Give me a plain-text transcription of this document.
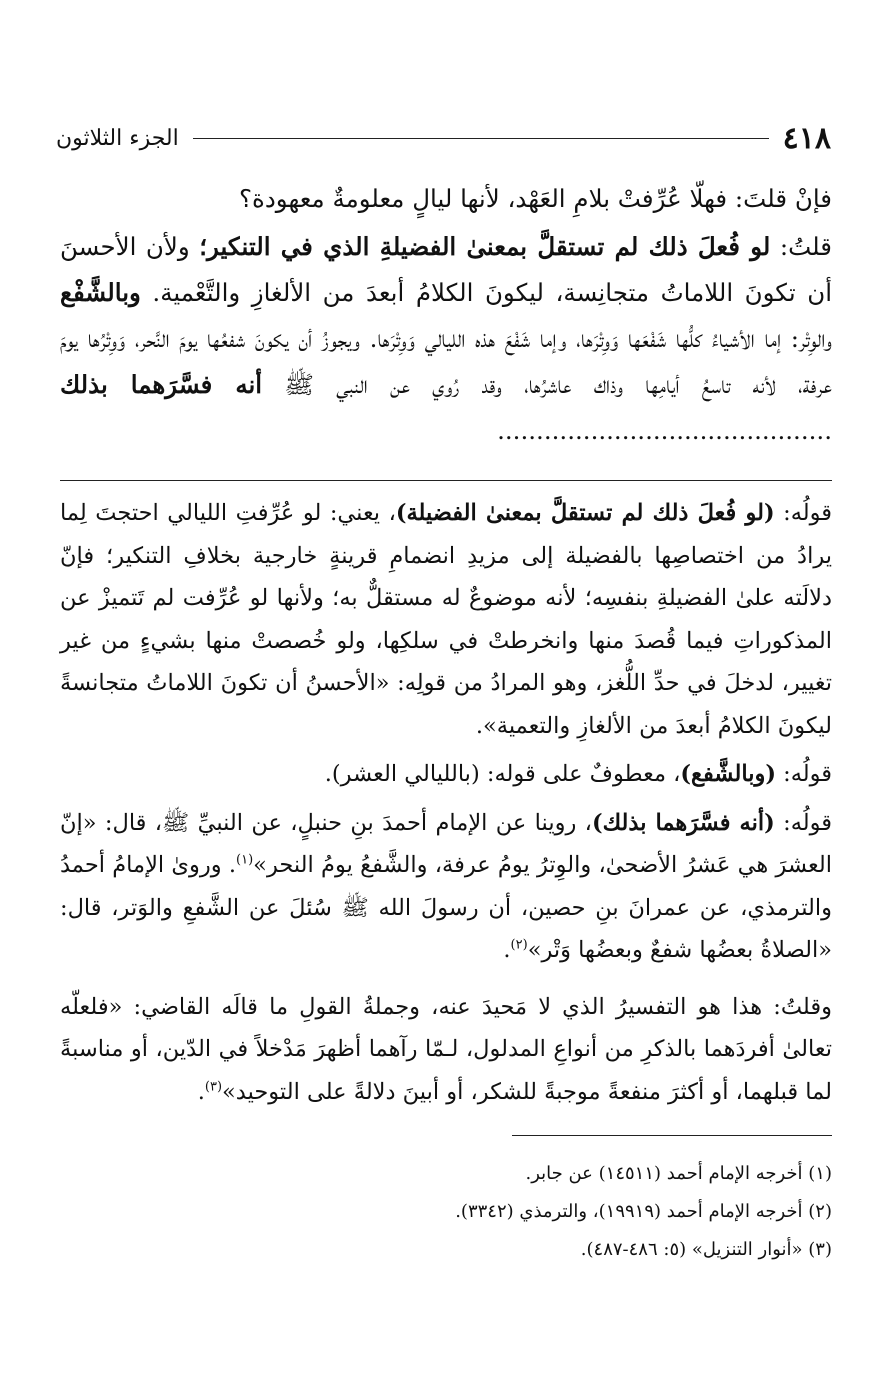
الجزء الثلاثون	٤١٨

فإنْ قلتَ: فهلّا عُرِّفتْ بلامِ العَهْد، لأنها ليالٍ معلومةٌ معهودة؟

قلتُ: لو فُعلَ ذلك لم تستقلَّ بمعنىٰ الفضيلةِ الذي في التنكير؛ ولأن الأحسنَ أن تكونَ اللاماتُ متجانِسة، ليكونَ الكلامُ أبعدَ من الألغازِ والتَّعْمية. وبالشَّفْع والوِتْر: إما الأشياءُ كلُّها شَفْعَها وَوِتْرَها، وإما شَفْعَ هذه الليالي وَوِتْرَها. ويجوزُ أن يكونَ شفعُها يومَ النَّحر، وَوِتْرُها يومَ عرفة، لأنه تاسعُ أيامِها وذاك عاشرُها، وقد رُوي عن النبي ﷺ أنه فسَّرَهما بذلك ...........................................

قولُه: (لو فُعلَ ذلك لم تستقلَّ بمعنىٰ الفضيلة)، يعني: لو عُرِّفتِ الليالي احتجتَ لِما يرادُ من اختصاصِها بالفضيلة إلى مزيدِ انضمامِ قرينةٍ خارجية بخلافِ التنكير؛ فإنّ دلالَته علىٰ الفضيلةِ بنفسِه؛ لأنه موضوعٌ له مستقلٌّ به؛ ولأنها لو عُرِّفت لم تَتميزْ عن المذكوراتِ فيما قُصدَ منها وانخرطتْ في سلكِها، ولو خُصصتْ منها بشيءٍ من غير تغيير، لدخلَ في حدِّ اللُّغز، وهو المرادُ من قولِه: «الأحسنُ أن تكونَ اللاماتُ متجانسةً ليكونَ الكلامُ أبعدَ من الألغازِ والتعمية».

قولُه: (وبالشَّفع)، معطوفٌ على قوله: (بالليالي العشر).

قولُه: (أنه فسَّرَهما بذلك)، روينا عن الإمام أحمدَ بنِ حنبلٍ، عن النبيِّ ﷺ، قال: «إنّ العشرَ هي عَشرُ الأضحىٰ، والوِترُ يومُ عرفة، والشَّفعُ يومُ النحر»$^{(١)}$. وروىٰ الإمامُ أحمدُ والترمذي، عن عمرانَ بنِ حصين، أن رسولَ الله ﷺ سُئلَ عن الشَّفعِ والوَتر، قال: «الصلاةُ بعضُها شفعٌ وبعضُها وَتْر»$^{(٢)}$.

وقلتُ: هذا هو التفسيرُ الذي لا مَحيدَ عنه، وجملةُ القولِ ما قالَه القاضي: «فلعلّه تعالىٰ أفردَهما بالذكرِ من أنواعِ المدلول، لـمّا رآهما أظهرَ مَدْخلاً في الدّين، أو مناسبةً لما قبلهما، أو أكثرَ منفعةً موجبةً للشكر، أو أبينَ دلالةً على التوحيد»$^{(٣)}$.

(١) أخرجه الإمام أحمد (١٤٥١١) عن جابر.
(٢) أخرجه الإمام أحمد (١٩٩١٩)، والترمذي (٣٣٤٢).
(٣) «أنوار التنزيل» (٥: ٤٨٦-٤٨٧).
